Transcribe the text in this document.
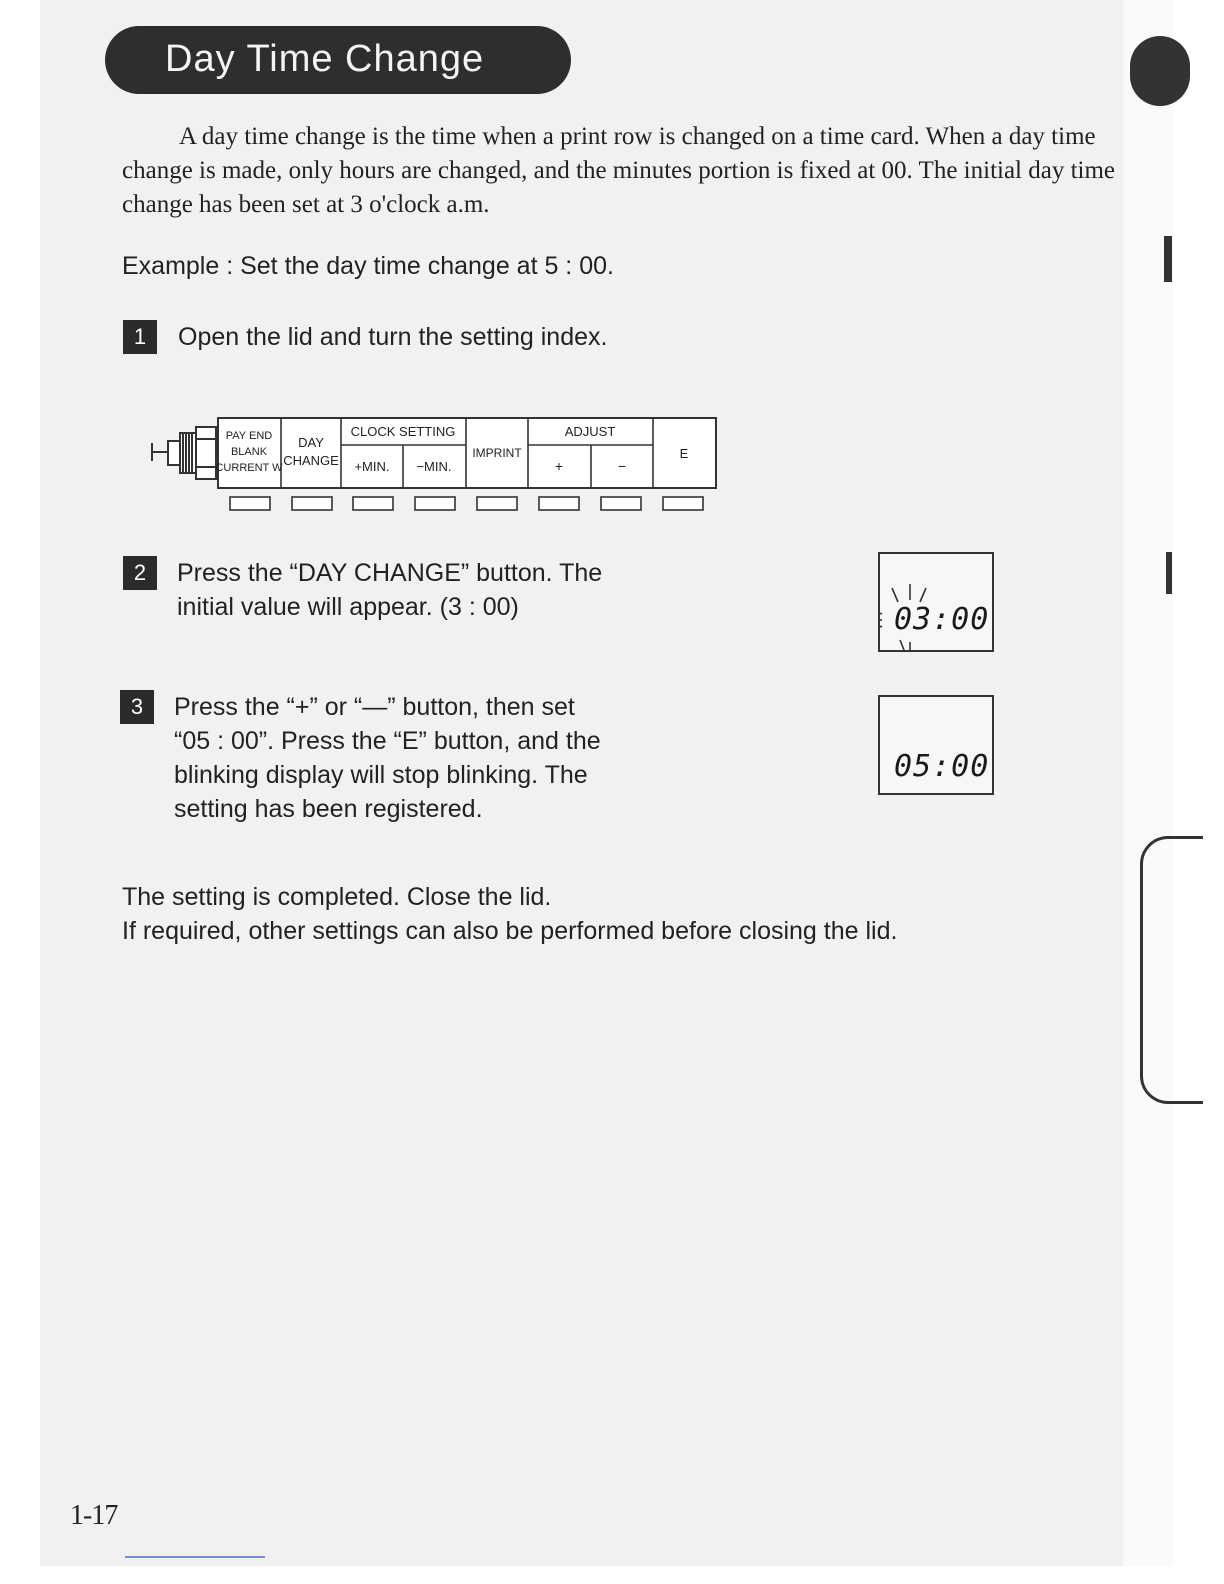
Day Time Change
A day time change is the time when a print row is changed on a time card. When a day time change is made, only hours are changed, and the minutes portion is fixed at 00. The initial day time change has been set at 3 o'clock a.m.
Example : Set the day time change at 5 : 00.
1	Open the lid and turn the setting index.
PAY END
BLANK
CURRENT W
DAY
CHANGE
CLOCK SETTING
+MIN. −MIN.
IMPRINT
ADJUST
+	−
E
2	Press the “DAY CHANGE” button. The
initial value will appear. (3 : 00)	03:00
3	Press the “+” or “—” button, then set
“05 : 00”. Press the “E” button, and the
blinking display will stop blinking. The
setting has been registered.
05:00
The setting is completed. Close the lid.
If required, other settings can also be performed before closing the lid.
1-17
